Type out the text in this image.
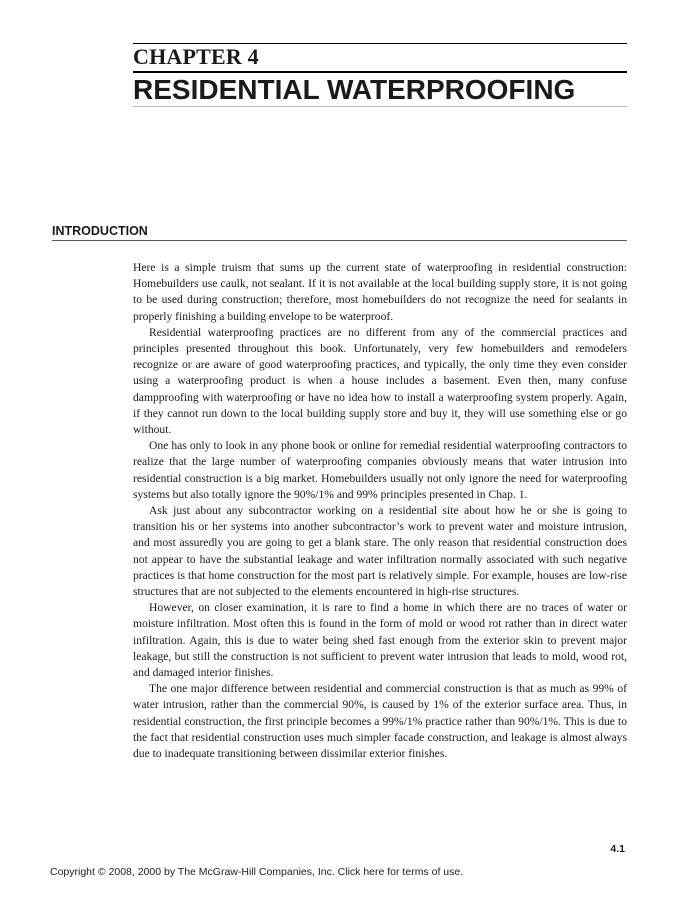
CHAPTER 4
RESIDENTIAL WATERPROOFING
INTRODUCTION

Here is a simple truism that sums up the current state of waterproofing in residential construction: Homebuilders use caulk, not sealant. If it is not available at the local building supply store, it is not going to be used during construction; therefore, most homebuilders do not recognize the need for sealants in properly finishing a building envelope to be waterproof.

Residential waterproofing practices are no different from any of the commercial practices and principles presented throughout this book. Unfortunately, very few homebuilders and remodelers recognize or are aware of good waterproofing practices, and typically, the only time they even consider using a waterproofing product is when a house includes a basement. Even then, many confuse dampproofing with waterproofing or have no idea how to install a waterproofing system properly. Again, if they cannot run down to the local building supply store and buy it, they will use something else or go without.

One has only to look in any phone book or online for remedial residential waterproofing contractors to realize that the large number of waterproofing companies obviously means that water intrusion into residential construction is a big market. Homebuilders usually not only ignore the need for waterproofing systems but also totally ignore the 90%/1% and 99% principles presented in Chap. 1.

Ask just about any subcontractor working on a residential site about how he or she is going to transition his or her systems into another subcontractor’s work to prevent water and moisture intrusion, and most assuredly you are going to get a blank stare. The only reason that residential construction does not appear to have the substantial leakage and water infiltration normally associated with such negative practices is that home construction for the most part is relatively simple. For example, houses are low-rise structures that are not subjected to the elements encountered in high-rise structures.

However, on closer examination, it is rare to find a home in which there are no traces of water or moisture infiltration. Most often this is found in the form of mold or wood rot rather than in direct water infiltration. Again, this is due to water being shed fast enough from the exterior skin to prevent major leakage, but still the construction is not sufficient to prevent water intrusion that leads to mold, wood rot, and damaged interior finishes.

The one major difference between residential and commercial construction is that as much as 99% of water intrusion, rather than the commercial 90%, is caused by 1% of the exterior surface area. Thus, in residential construction, the first principle becomes a 99%/1% practice rather than 90%/1%. This is due to the fact that residential construction uses much simpler facade construction, and leakage is almost always due to inadequate transitioning between dissimilar exterior finishes.

4.1
Copyright © 2008, 2000 by The McGraw-Hill Companies, Inc. Click here for terms of use.
